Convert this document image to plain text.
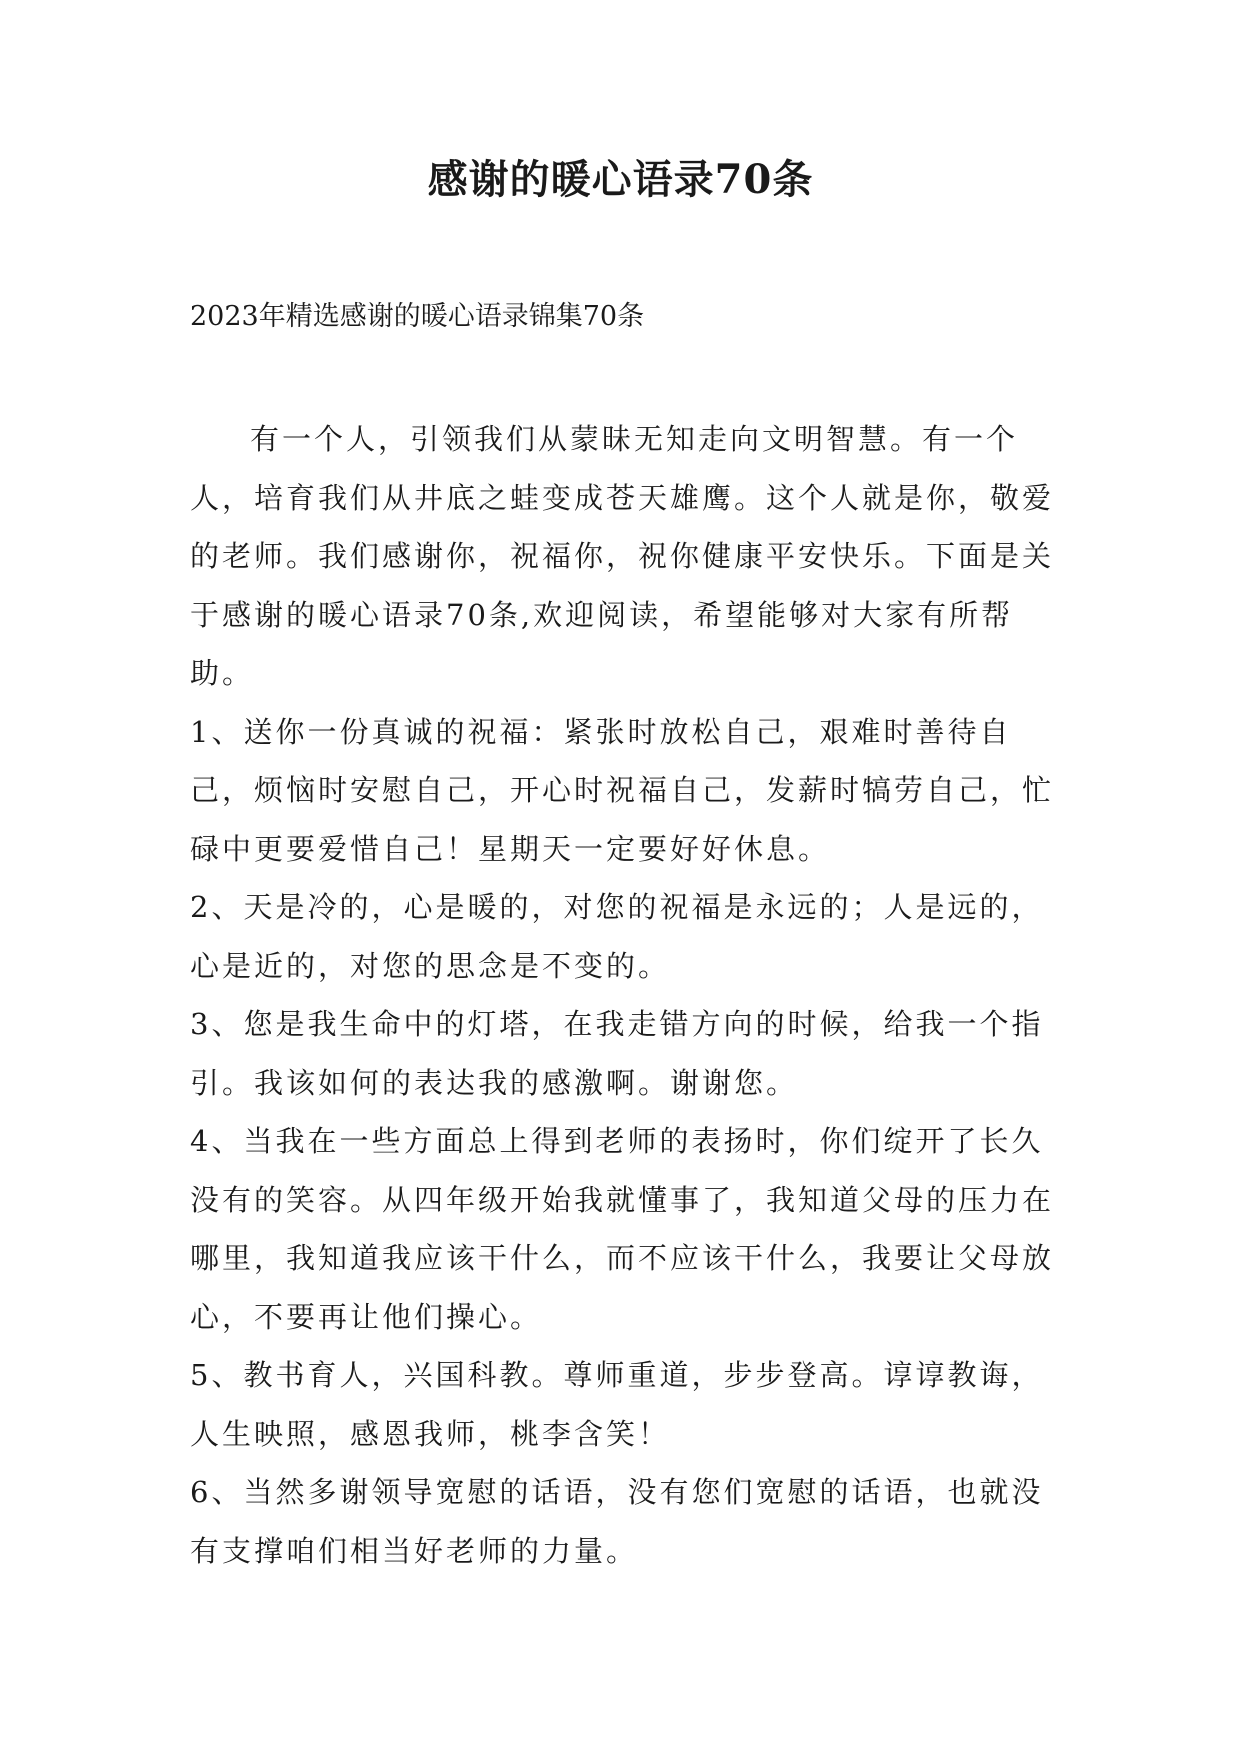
感谢的暖心语录70条

2023年精选感谢的暖心语录锦集70条

有一个人，引领我们从蒙昧无知走向文明智慧。有一个人，培育我们从井底之蛙变成苍天雄鹰。这个人就是你，敬爱的老师。我们感谢你，祝福你，祝你健康平安快乐。下面是关于感谢的暖心语录70条,欢迎阅读，希望能够对大家有所帮助。

1、送你一份真诚的祝福：紧张时放松自己，艰难时善待自己，烦恼时安慰自己，开心时祝福自己，发薪时犒劳自己，忙碌中更要爱惜自己！星期天一定要好好休息。

2、天是冷的，心是暖的，对您的祝福是永远的；人是远的，心是近的，对您的思念是不变的。

3、您是我生命中的灯塔，在我走错方向的时候，给我一个指引。我该如何的表达我的感激啊。谢谢您。

4、当我在一些方面总上得到老师的表扬时，你们绽开了长久没有的笑容。从四年级开始我就懂事了，我知道父母的压力在哪里，我知道我应该干什么，而不应该干什么，我要让父母放心，不要再让他们操心。

5、教书育人，兴国科教。尊师重道，步步登高。谆谆教诲，人生映照，感恩我师，桃李含笑！

6、当然多谢领导宽慰的话语，没有您们宽慰的话语，也就没有支撑咱们相当好老师的力量。
